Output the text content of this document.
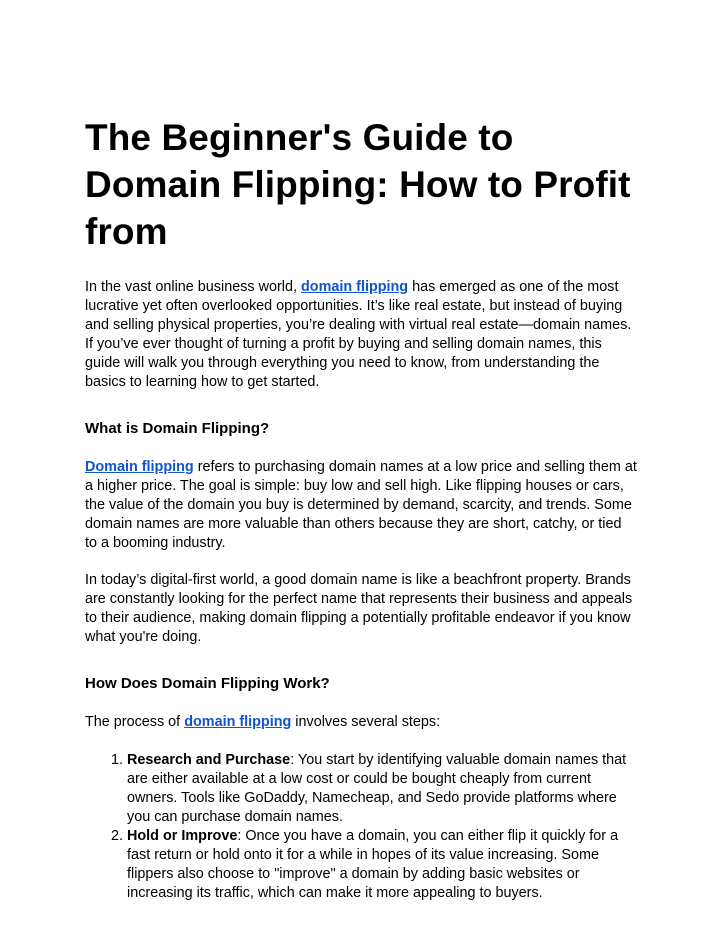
The Beginner's Guide to Domain Flipping: How to Profit from

In the vast online business world, domain flipping has emerged as one of the most lucrative yet often overlooked opportunities. It’s like real estate, but instead of buying and selling physical properties, you’re dealing with virtual real estate—domain names. If you’ve ever thought of turning a profit by buying and selling domain names, this guide will walk you through everything you need to know, from understanding the basics to learning how to get started.

What is Domain Flipping?

Domain flipping refers to purchasing domain names at a low price and selling them at a higher price. The goal is simple: buy low and sell high. Like flipping houses or cars, the value of the domain you buy is determined by demand, scarcity, and trends. Some domain names are more valuable than others because they are short, catchy, or tied to a booming industry.

In today’s digital-first world, a good domain name is like a beachfront property. Brands are constantly looking for the perfect name that represents their business and appeals to their audience, making domain flipping a potentially profitable endeavor if you know what you're doing.

How Does Domain Flipping Work?

The process of domain flipping involves several steps:

1. Research and Purchase: You start by identifying valuable domain names that are either available at a low cost or could be bought cheaply from current owners. Tools like GoDaddy, Namecheap, and Sedo provide platforms where you can purchase domain names.
2. Hold or Improve: Once you have a domain, you can either flip it quickly for a fast return or hold onto it for a while in hopes of its value increasing. Some flippers also choose to "improve" a domain by adding basic websites or increasing its traffic, which can make it more appealing to buyers.
